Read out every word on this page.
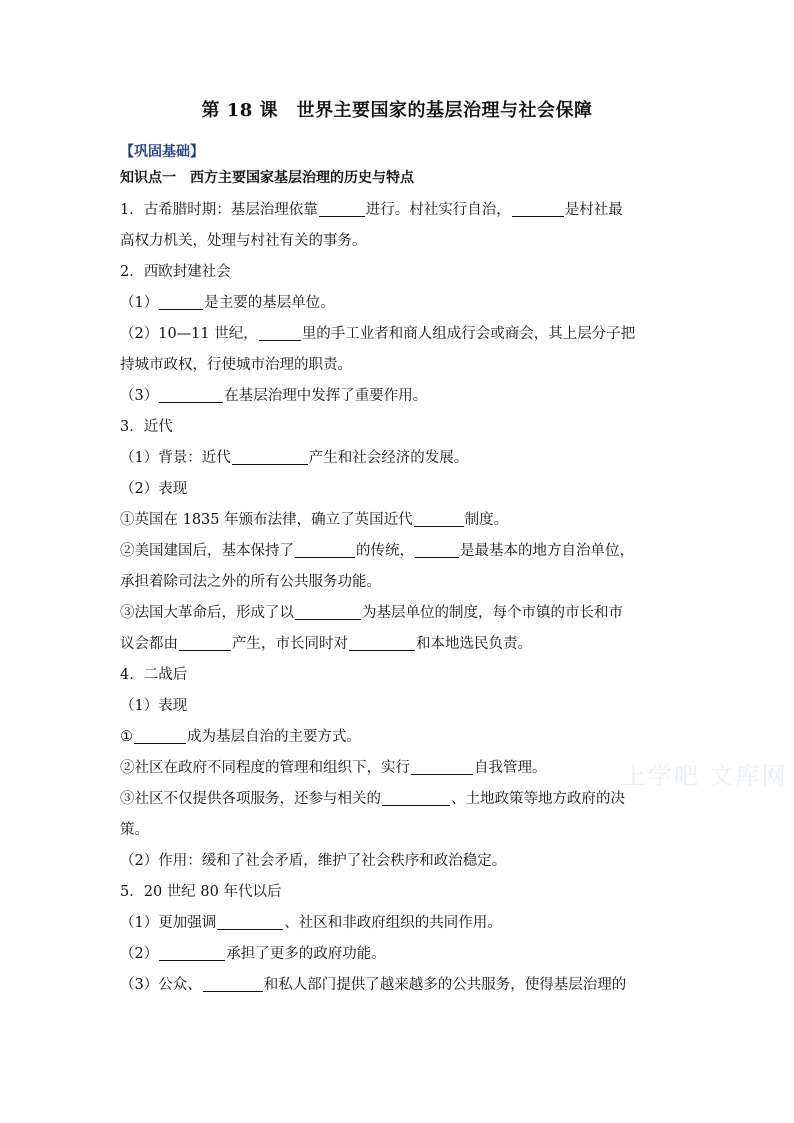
第 18 课　世界主要国家的基层治理与社会保障
【巩固基础】
知识点一　西方主要国家基层治理的历史与特点
1．古希腊时期：基层治理依靠	进行。村社实行自治，	是村社最
高权力机关，处理与村社有关的事务。
2．西欧封建社会
（1）	是主要的基层单位。
（2）10—11 世纪，	里的手工业者和商人组成行会或商会，其上层分子把
持城市政权，行使城市治理的职责。
（3）	在基层治理中发挥了重要作用。
3．近代
（1）背景：近代	产生和社会经济的发展。
（2）表现
①英国在 1835 年颁布法律，确立了英国近代	制度。
②美国建国后，基本保持了	的传统，	是最基本的地方自治单位，
承担着除司法之外的所有公共服务功能。
③法国大革命后，形成了以	为基层单位的制度，每个市镇的市长和市
议会都由	产生，市长同时对	和本地选民负责。
4．二战后
（1）表现
①	成为基层自治的主要方式。
②社区在政府不同程度的管理和组织下，实行	自我管理。
③社区不仅提供各项服务，还参与相关的	、土地政策等地方政府的决
策。
（2）作用：缓和了社会矛盾，维护了社会秩序和政治稳定。
5．20 世纪 80 年代以后
（1）更加强调	、社区和非政府组织的共同作用。
（2）	承担了更多的政府功能。
（3）公众、	和私人部门提供了越来越多的公共服务，使得基层治理的
上学吧 文库网
